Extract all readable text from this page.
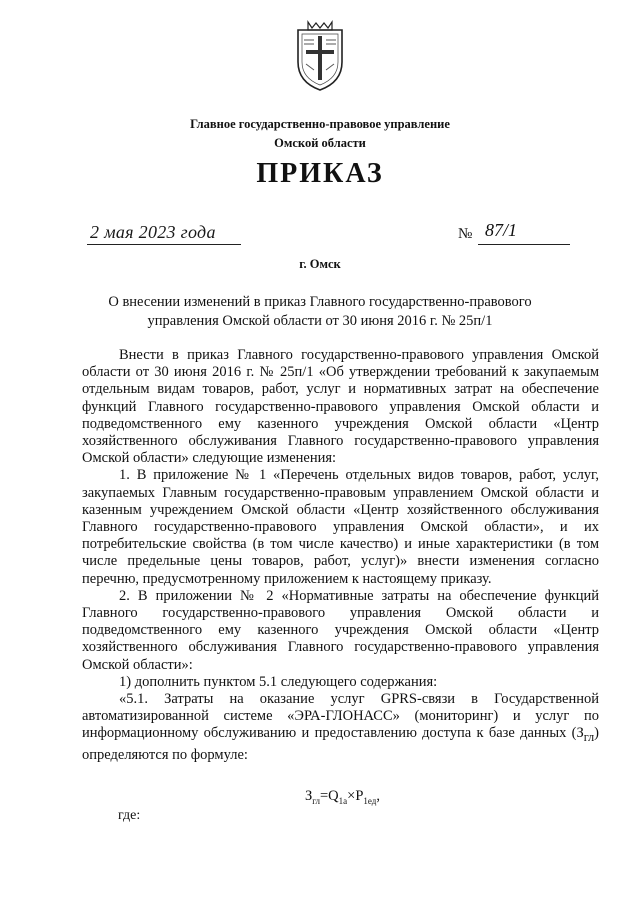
Главное государственно-правовое управление
Омской области
ПРИКАЗ
2 мая 2023 года	№ 87/1
г. Омск
О внесении изменений в приказ Главного государственно-правового управления Омской области от 30 июня 2016 г. № 25п/1

Внести в приказ Главного государственно-правового управления Омской области от 30 июня 2016 г. № 25п/1 «Об утверждении требований к закупаемым отдельным видам товаров, работ, услуг и нормативных затрат на обеспечение функций Главного государственно-правового управления Омской области и подведомственного ему казенного учреждения Омской области «Центр хозяйственного обслуживания Главного государственно-правового управления Омской области» следующие изменения:

1. В приложение № 1 «Перечень отдельных видов товаров, работ, услуг, закупаемых Главным государственно-правовым управлением Омской области и казенным учреждением Омской области «Центр хозяйственного обслуживания Главного государственно-правового управления Омской области», и их потребительские свойства (в том числе качество) и иные характеристики (в том числе предельные цены товаров, работ, услуг)» внести изменения согласно перечню, предусмотренному приложением к настоящему приказу.

2. В приложении № 2 «Нормативные затраты на обеспечение функций Главного государственно-правового управления Омской области и подведомственного ему казенного учреждения Омской области «Центр хозяйственного обслуживания Главного государственно-правового управления Омской области»:

1) дополнить пунктом 5.1 следующего содержания:

«5.1. Затраты на оказание услуг GPRS-связи в Государственной автоматизированной системе «ЭРА-ГЛОНАСС» (мониторинг) и услуг по информационному обслуживанию и предоставлению доступа к базе данных $(З_{гл})$ определяются по формуле:

$З_{гл}=Q_{1а}\times P_{1ед}$,
где:
